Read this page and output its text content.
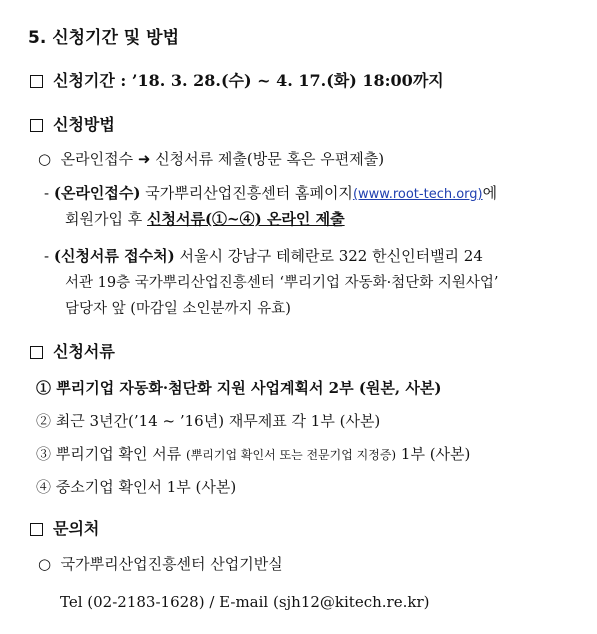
5. 신청기간 및 방법
신청기간 : ’18. 3. 28.(수) ~ 4. 17.(화) 18:00까지
신청방법
○ 온라인접수 ➜ 신청서류 제출(방문 혹은 우편제출)
- (온라인접수) 국가뿌리산업진흥센터 홈페이지(www.root-tech.org)에
회원가입 후 신청서류(①~④) 온라인 제출
- (신청서류 접수처) 서울시 강남구 테헤란로 322 한신인터밸리 24
서관 19층 국가뿌리산업진흥센터 ‘뿌리기업 자동화·첨단화 지원사업’
담당자 앞 (마감일 소인분까지 유효)
신청서류
① 뿌리기업 자동화·첨단화 지원 사업계획서 2부 (원본, 사본)
② 최근 3년간(’14 ~ ’16년) 재무제표 각 1부 (사본)
③ 뿌리기업 확인 서류 (뿌리기업 확인서 또는 전문기업 지정증) 1부 (사본)
④ 중소기업 확인서 1부 (사본)
문의처
○ 국가뿌리산업진흥센터 산업기반실
Tel (02-2183-1628) / E-mail (sjh12@kitech.re.kr)
